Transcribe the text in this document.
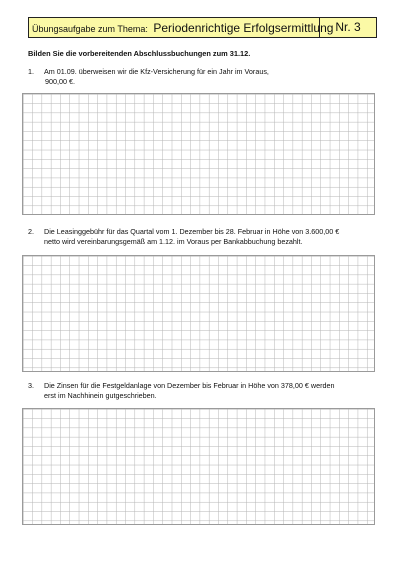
Übungsaufgabe zum Thema: Periodenrichtige Erfolgsermittlung Nr. 3
Bilden Sie die vorbereitenden Abschlussbuchungen zum 31.12.
1. Am 01.09. überweisen wir die Kfz-Versicherung für ein Jahr im Voraus,
900,00 €.
2. Die Leasinggebühr für das Quartal vom 1. Dezember bis 28. Februar in Höhe von 3.600,00 €
netto wird vereinbarungsgemäß am 1.12. im Voraus per Bankabbuchung bezahlt.
3. Die Zinsen für die Festgeldanlage von Dezember bis Februar in Höhe von 378,00 € werden
erst im Nachhinein gutgeschrieben.
